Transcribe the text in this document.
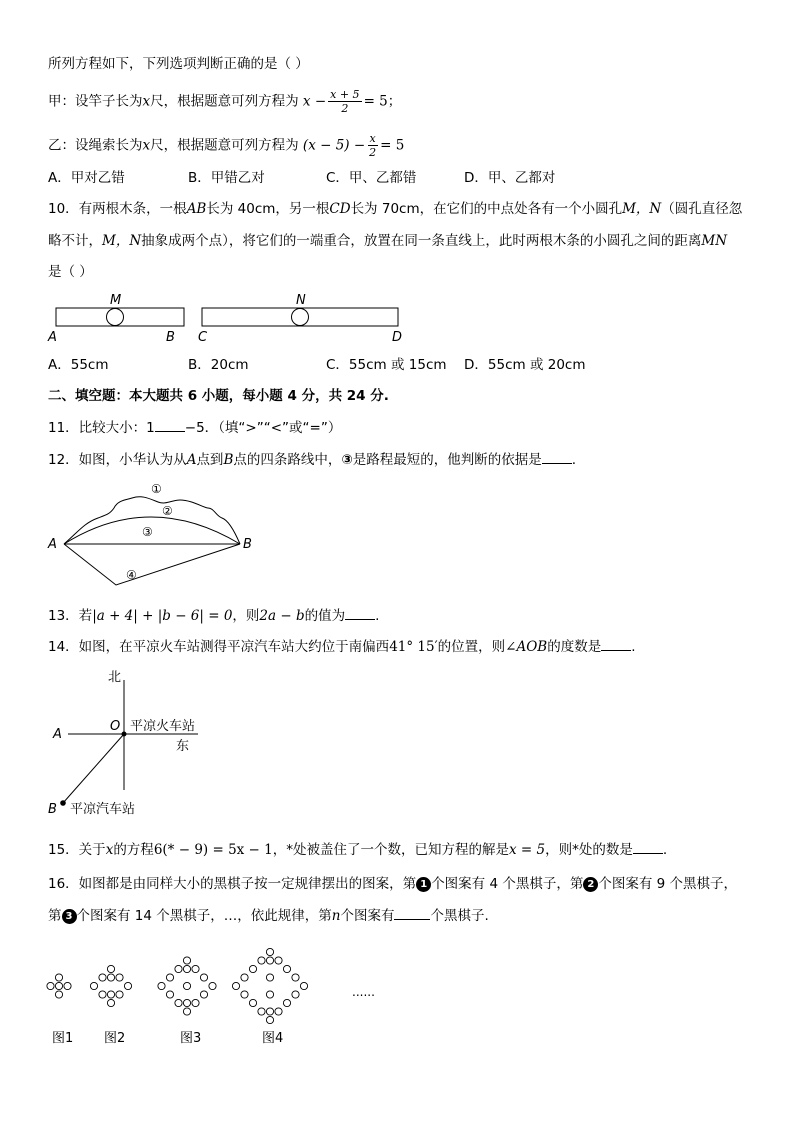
所列方程如下，下列选项判断正确的是（ ）
甲：设竿子长为x尺，根据题意可列方程为 $x - \frac{x + 5}{2} = 5$；
乙：设绳索长为x尺，根据题意可列方程为 $(x - 5) - \frac{x}{2} = 5$
A．甲对乙错	B．甲错乙对	C．甲、乙都错	D．甲、乙都对
10．有两根木条，一根AB长为 40cm，另一根CD长为 70cm，在它们的中点处各有一个小圆孔M，N（圆孔直径忽
略不计，M，N抽象成两个点），将它们的一端重合，放置在同一条直线上，此时两根木条的小圆孔之间的距离MN
是（ ）
M	N
A	B C	D
A．55cm	B．20cm	C．55cm 或 15cm D．55cm 或 20cm
二、填空题：本大题共 6 小题，每小题 4 分，共 24 分.
11．比较大小：1 −5．（填“>”“<”或“=”）
12．如图，小华认为从A点到B点的四条路线中，③是路程最短的，他判断的依据是 .
①
②
③
④
A	B
13．若|a + 4| + |b − 6| = 0，则2a − b的值为 .
14．如图，在平凉火车站测得平凉汽车站大约位于南偏西41° 15′的位置，则∠AOB的度数是 .
北
东
A
O 平凉火车站
B 平凉汽车站
15．关于x的方程6(* − 9) = 5x − 1，*处被盖住了一个数，已知方程的解是x = 5，则*处的数是 .
16．如图都是由同样大小的黑棋子按一定规律摆出的图案，第 1 个图案有 4 个黑棋子，第 2 个图案有 9 个黑棋子，
第 3 个图案有 14 个黑棋子，…，依此规律，第n个图案有	个黑棋子.
......
图1 图2	图3	图4
